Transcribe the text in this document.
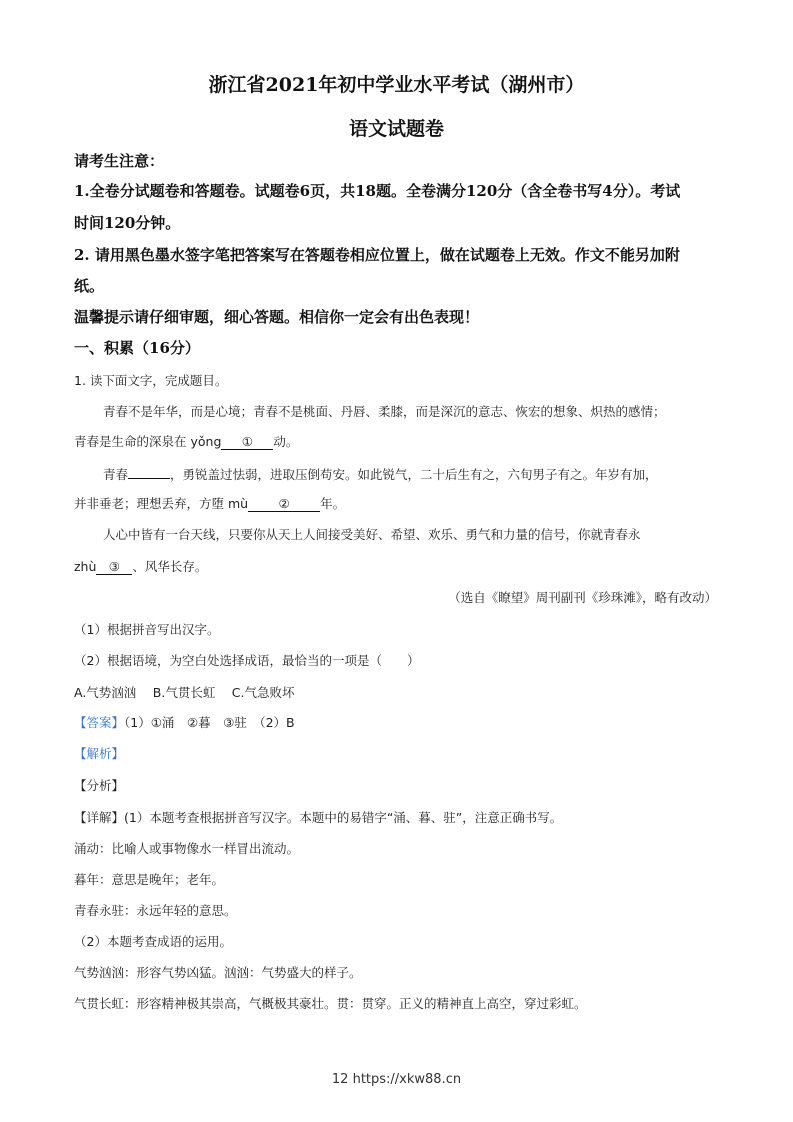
浙江省2021年初中学业水平考试（湖州市）
语文试题卷
请考生注意：
1.全卷分试题卷和答题卷。试题卷6页，共18题。全卷满分120分（含全卷书写4分）。考试
时间120分钟。
2. 请用黑色墨水签字笔把答案写在答题卷相应位置上，做在试题卷上无效。作文不能另加附
纸。
温馨提示请仔细审题，细心答题。相信你一定会有出色表现！
一、积累（16分）
1. 读下面文字，完成题目。
青春不是年华，而是心境；青春不是桃面、丹唇、柔膝，而是深沉的意志、恢宏的想象、炽热的感情；
青春是生命的深泉在 yǒng ① 动。
青春	，勇锐盖过怯弱，进取压倒苟安。如此锐气，二十后生有之，六旬男子有之。年岁有加，
并非垂老；理想丢弃，方堕 mù ② 年。
人心中皆有一台天线，只要你从天上人间接受美好、希望、欢乐、勇气和力量的信号，你就青春永
zhù ③ 、风华长存。
（选自《瞭望》周刊副刊《珍珠滩》，略有改动）
（1）根据拼音写出汉字。
（2）根据语境，为空白处选择成语，最恰当的一项是（　　）
A.气势汹汹　 B.气贯长虹　 C.气急败坏
【答案】（1）①涌　②暮　③驻　（2）B
【解析】
【分析】
【详解】(1）本题考查根据拼音写汉字。本题中的易错字“涌、暮、驻”，注意正确书写。
涌动：比喻人或事物像水一样冒出流动。
暮年：意思是晚年；老年。
青春永驻：永远年轻的意思。
（2）本题考查成语的运用。
气势汹汹：形容气势凶猛。汹汹：气势盛大的样子。
气贯长虹：形容精神极其崇高，气概极其豪壮。贯：贯穿。正义的精神直上高空，穿过彩虹。
12 https://xkw88.cn
